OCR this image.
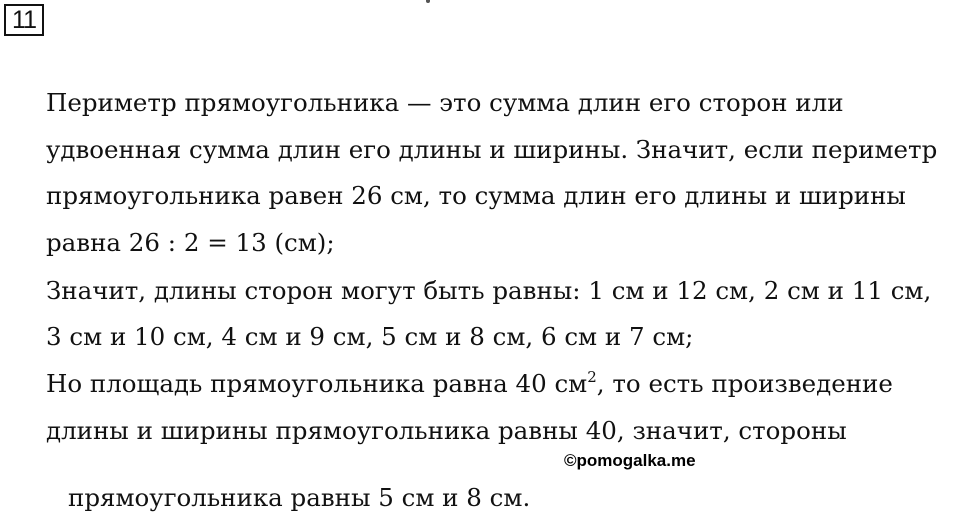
11
Периметр прямоугольника — это сумма длин его сторон или
удвоенная сумма длин его длины и ширины. Значит, если периметр
прямоугольника равен 26 см, то сумма длин его длины и ширины
равна 26 : 2 = 13 (см);
Значит, длины сторон могут быть равны: 1 см и 12 см, 2 см и 11 см,
3 см и 10 см, 4 см и 9 см, 5 см и 8 см, 6 см и 7 см;
Но площадь прямоугольника равна 40 $см^2$, то есть произведение
длины и ширины прямоугольника равны 40, значит, стороны
©pomogalka.me
прямоугольника равны 5 см и 8 см.
